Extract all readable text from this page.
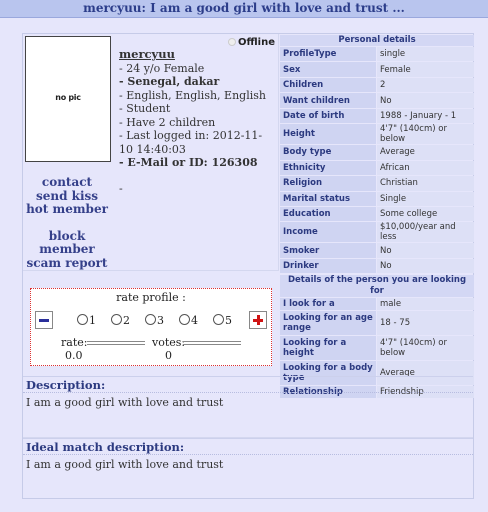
mercyuu: I am a good girl with love and trust ...
no pic
Offline
mercyuu
- 24 y/o Female
- Senegal, dakar
- English, English, English
- Student
- Have 2 children
- Last logged in: 2012-11-10 14:40:03
- E-Mail or ID: 126308
-
contact
send kiss
hot member
block
member
scam report
Personal details	
ProfileType	single
Sex	Female
Children	2
Want children	No
Date of birth	1988 - January - 1
Height	4'7" (140cm) or below
Body type	Average
Ethnicity	African
Religion	Christian
Marital status	Single
Education	Some college
Income	$10,000/year and less
Smoker	No
Drinker	No
Details of the person you are looking for	
I look for a	male
Looking for an age range	18 - 75
Looking for a height	4'7" (140cm) or below
Looking for a body type	Average
Relationship	Friendship
rate profile :
1	2	3	4	5
rate:
0.0
votes:
0
Description:
I am a good girl with love and trust
Ideal match description:
I am a good girl with love and trust
